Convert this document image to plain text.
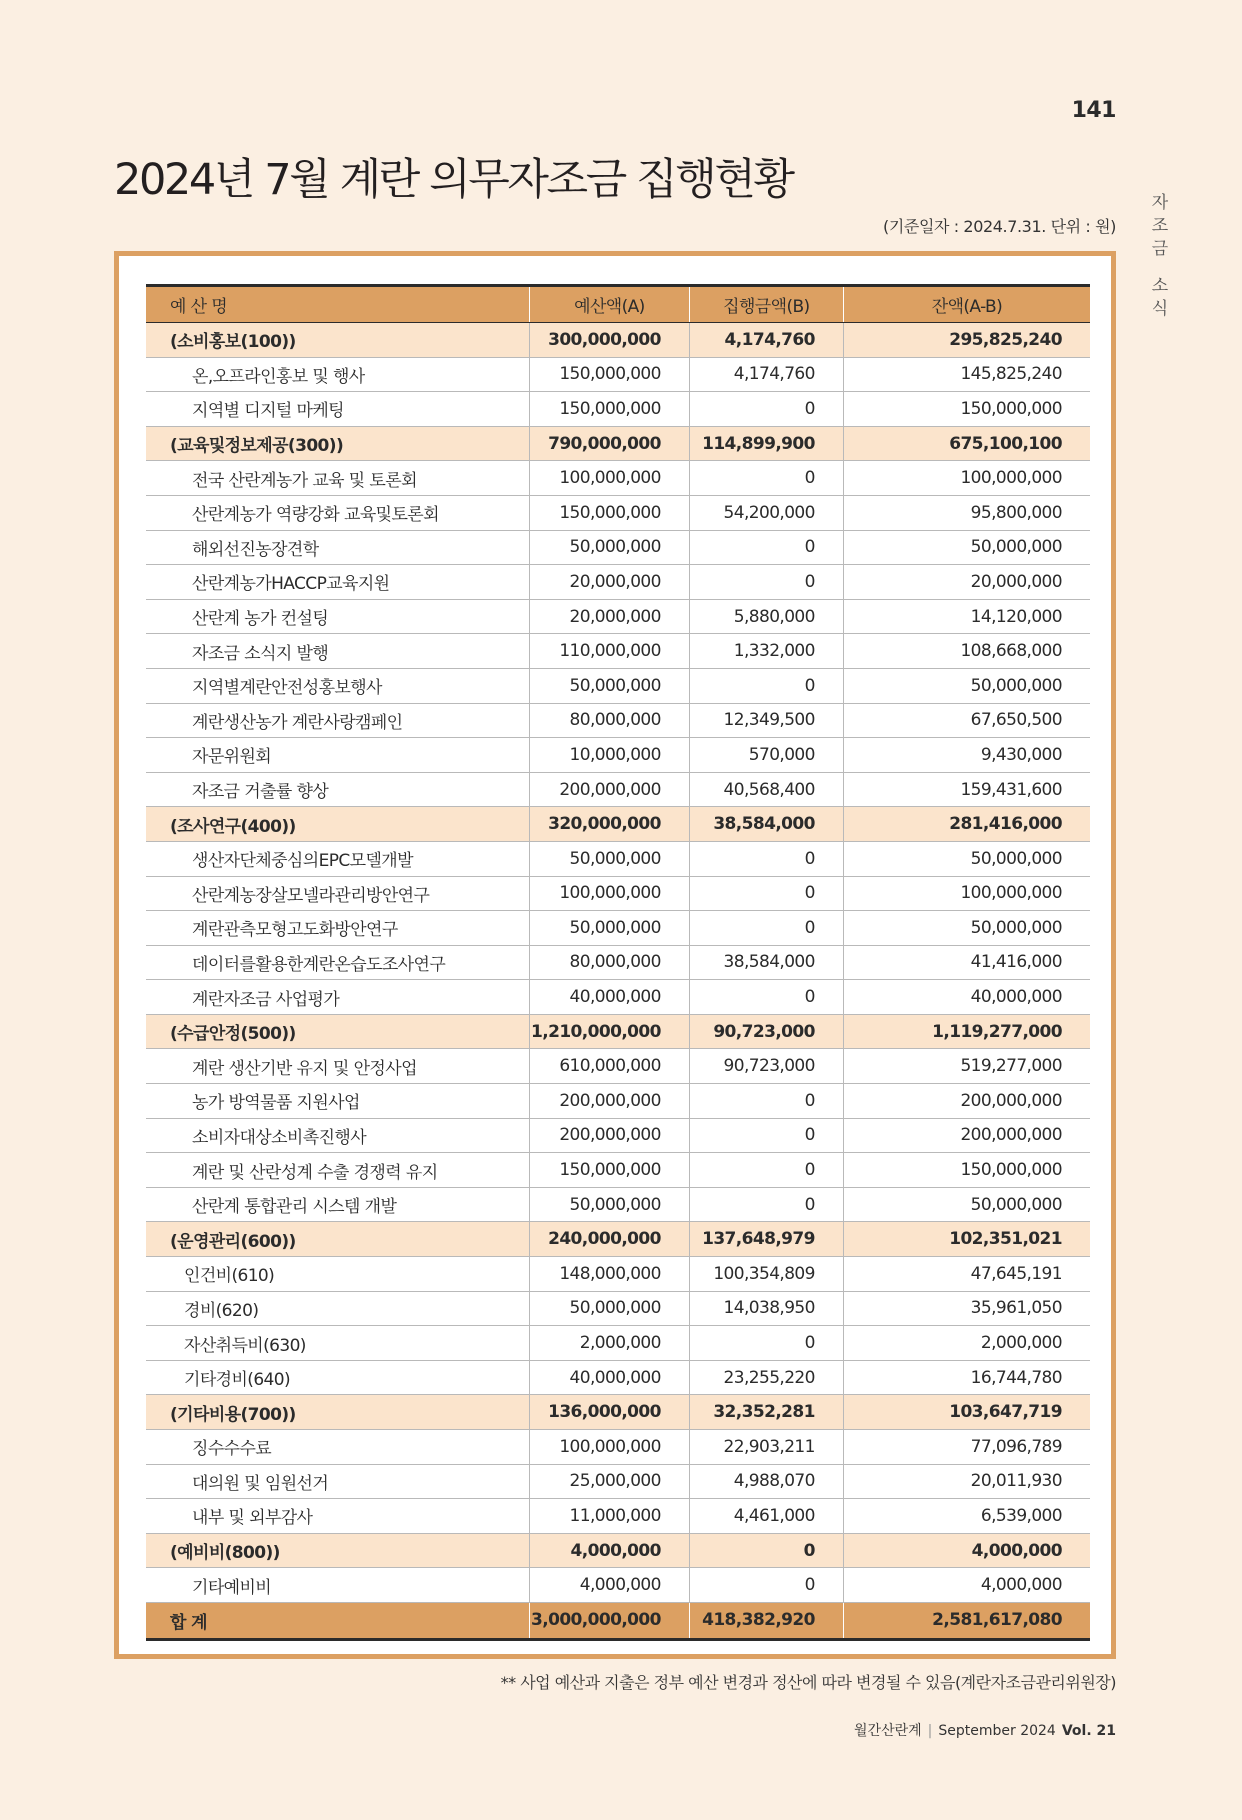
141
자
조
금
소
식
2024년 7월 계란 의무자조금 집행현황
(기준일자 : 2024.7.31. 단위 : 원)
예 산 명	예산액(A)	집행금액(B)	잔액(A-B)
(소비홍보(100))	300,000,000	4,174,760	295,825,240
온,오프라인홍보 및 행사	150,000,000	4,174,760	145,825,240
지역별 디지털 마케팅	150,000,000	0	150,000,000
(교육및정보제공(300))	790,000,000	114,899,900	675,100,100
전국 산란계농가 교육 및 토론회	100,000,000	0	100,000,000
산란계농가 역량강화 교육및토론회	150,000,000	54,200,000	95,800,000
해외선진농장견학	50,000,000	0	50,000,000
산란계농가HACCP교육지원	20,000,000	0	20,000,000
산란계 농가 컨설팅	20,000,000	5,880,000	14,120,000
자조금 소식지 발행	110,000,000	1,332,000	108,668,000
지역별계란안전성홍보행사	50,000,000	0	50,000,000
계란생산농가 계란사랑캠페인	80,000,000	12,349,500	67,650,500
자문위원회	10,000,000	570,000	9,430,000
자조금 거출률 향상	200,000,000	40,568,400	159,431,600
(조사연구(400))	320,000,000	38,584,000	281,416,000
생산자단체중심의EPC모델개발	50,000,000	0	50,000,000
산란계농장살모넬라관리방안연구	100,000,000	0	100,000,000
계란관측모형고도화방안연구	50,000,000	0	50,000,000
데이터를활용한계란온습도조사연구	80,000,000	38,584,000	41,416,000
계란자조금 사업평가	40,000,000	0	40,000,000
(수급안정(500))	1,210,000,000	90,723,000	1,119,277,000
계란 생산기반 유지 및 안정사업	610,000,000	90,723,000	519,277,000
농가 방역물품 지원사업	200,000,000	0	200,000,000
소비자대상소비촉진행사	200,000,000	0	200,000,000
계란 및 산란성계 수출 경쟁력 유지	150,000,000	0	150,000,000
산란계 통합관리 시스템 개발	50,000,000	0	50,000,000
(운영관리(600))	240,000,000	137,648,979	102,351,021
인건비(610)	148,000,000	100,354,809	47,645,191
경비(620)	50,000,000	14,038,950	35,961,050
자산취득비(630)	2,000,000	0	2,000,000
기타경비(640)	40,000,000	23,255,220	16,744,780
(기타비용(700))	136,000,000	32,352,281	103,647,719
징수수수료	100,000,000	22,903,211	77,096,789
대의원 및 임원선거	25,000,000	4,988,070	20,011,930
내부 및 외부감사	11,000,000	4,461,000	6,539,000
(예비비(800))	4,000,000	0	4,000,000
기타예비비	4,000,000	0	4,000,000
합 계	3,000,000,000	418,382,920	2,581,617,080
** 사업 예산과 지출은 정부 예산 변경과 정산에 따라 변경될 수 있음(계란자조금관리위원장)
월간산란계 | September 2024 Vol. 21
